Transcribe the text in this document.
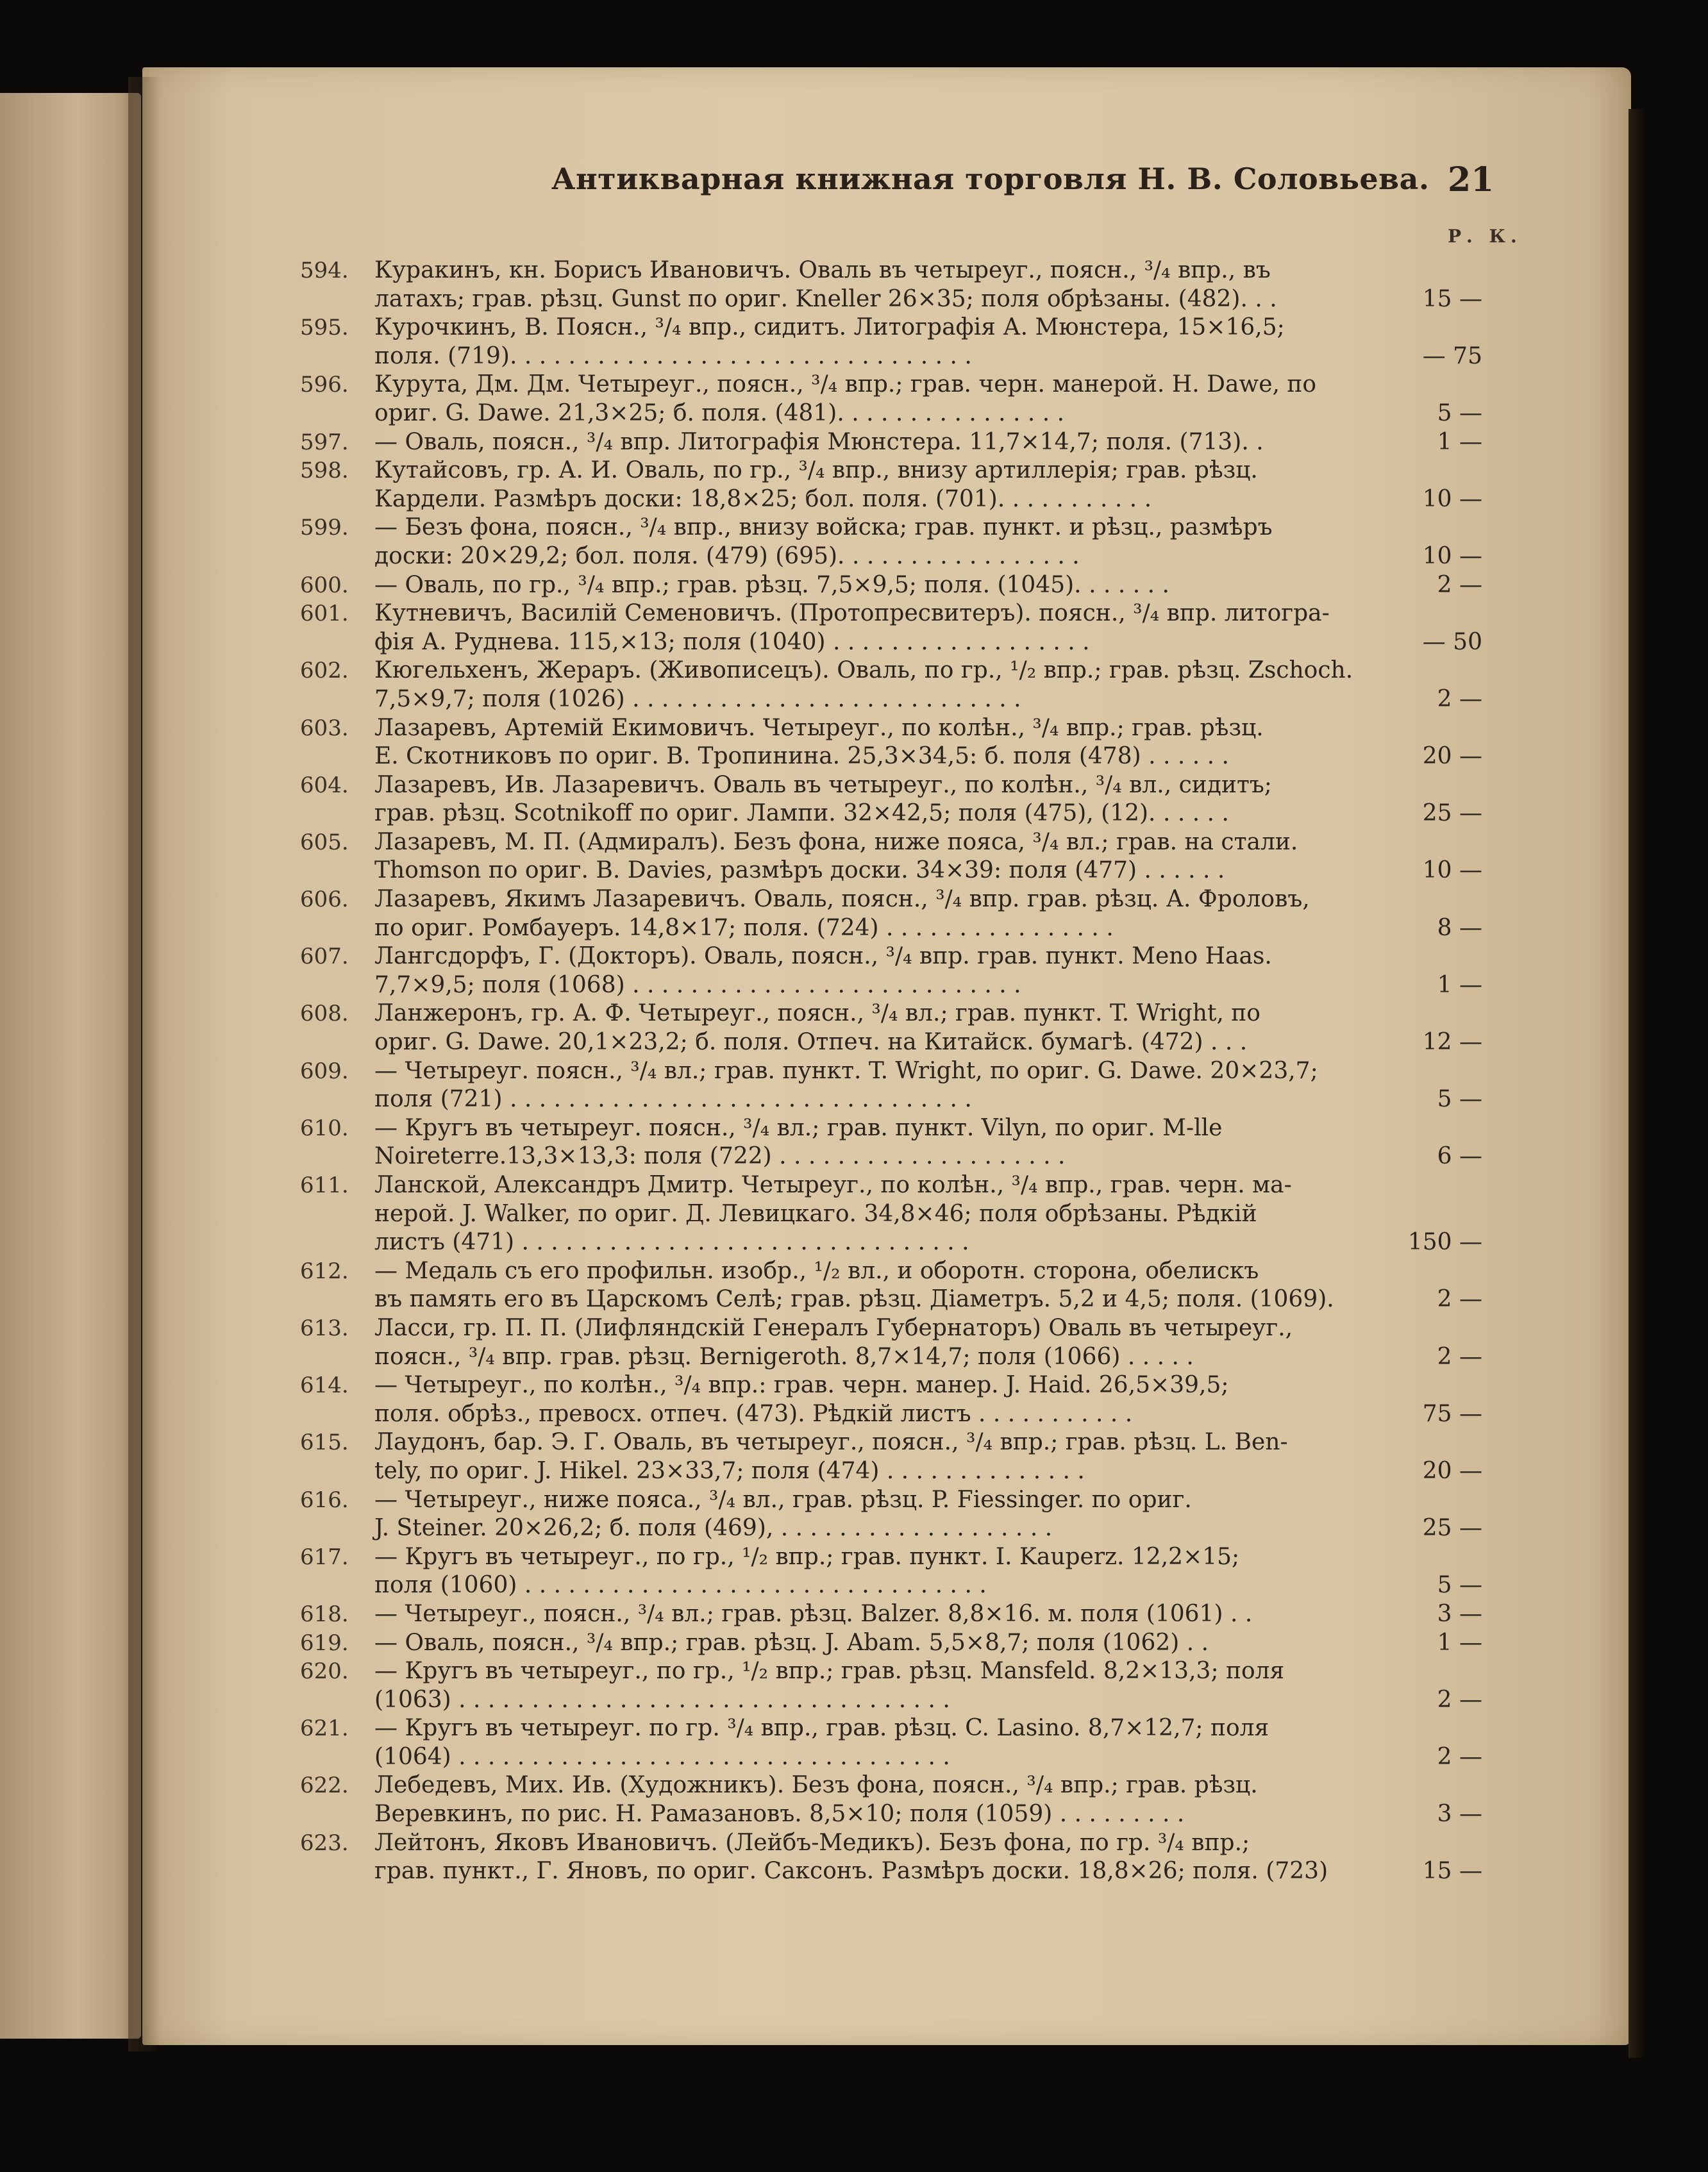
Антикварная книжная торговля Н. В. Соловьева. 21
Р. К.
594. Куракинъ, кн. Борисъ Ивановичъ. Оваль въ четыреуг., поясн., ³/₄ впр., въ
латахъ; грав. рѣзц. Gunst по ориг. Kneller 26×35; поля обрѣзаны. (482). . .	15 —
595. Курочкинъ, В. Поясн., ³/₄ впр., сидитъ. Литографія А. Мюнстера, 15×16,5;
поля. (719). . . . . . . . . . . . . . . . . . . . . . . . . . . . . . . .	— 75
596. Курута, Дм. Дм. Четыреуг., поясн., ³/₄ впр.; грав. черн. манерой. H. Dawe, по
ориг. G. Dawe. 21,3×25; б. поля. (481). . . . . . . . . . . . . . . .	5 —
597. — Оваль, поясн., ³/₄ впр. Литографія Мюнстера. 11,7×14,7; поля. (713). .	1 —
598. Кутайсовъ, гр. А. И. Оваль, по гр., ³/₄ впр., внизу артиллерія; грав. рѣзц.
Кардели. Размѣръ доски: 18,8×25; бол. поля. (701). . . . . . . . . . .	10 —
599. — Безъ фона, поясн., ³/₄ впр., внизу войска; грав. пункт. и рѣзц., размѣръ
доски: 20×29,2; бол. поля. (479) (695). . . . . . . . . . . . . . . . .	10 —
600. — Оваль, по гр., ³/₄ впр.; грав. рѣзц. 7,5×9,5; поля. (1045). . . . . . .	2 —
601. Кутневичъ, Василій Семеновичъ. (Протопресвитеръ). поясн., ³/₄ впр. литогра-
фія А. Руднева. 115,×13; поля (1040) . . . . . . . . . . . . . . . . . .	— 50
602. Кюгельхенъ, Жераръ. (Живописецъ). Оваль, по гр., ¹/₂ впр.; грав. рѣзц. Zschoch.
7,5×9,7; поля (1026) . . . . . . . . . . . . . . . . . . . . . . . . . . .	2 —
603. Лазаревъ, Артемій Екимовичъ. Четыреуг., по колѣн., ³/₄ впр.; грав. рѣзц.
Е. Скотниковъ по ориг. В. Тропинина. 25,3×34,5: б. поля (478) . . . . . .	20 —
604. Лазаревъ, Ив. Лазаревичъ. Оваль въ четыреуг., по колѣн., ³/₄ вл., сидитъ;
грав. рѣзц. Scotnikoff по ориг. Лампи. 32×42,5; поля (475), (12). . . . . .	25 —
605. Лазаревъ, М. П. (Адмиралъ). Безъ фона, ниже пояса, ³/₄ вл.; грав. на стали.
Thomson по ориг. B. Davies, размѣръ доски. 34×39: поля (477) . . . . . .	10 —
606. Лазаревъ, Якимъ Лазаревичъ. Оваль, поясн., ³/₄ впр. грав. рѣзц. А. Фроловъ,
по ориг. Ромбауеръ. 14,8×17; поля. (724) . . . . . . . . . . . . . . . .	8 —
607. Лангсдорфъ, Г. (Докторъ). Оваль, поясн., ³/₄ впр. грав. пункт. Meno Haas.
7,7×9,5; поля (1068) . . . . . . . . . . . . . . . . . . . . . . . . . . .	1 —
608. Ланжеронъ, гр. А. Ф. Четыреуг., поясн., ³/₄ вл.; грав. пункт. T. Wright, по
ориг. G. Dawe. 20,1×23,2; б. поля. Отпеч. на Китайск. бумагѣ. (472) . . .	12 —
609. — Четыреуг. поясн., ³/₄ вл.; грав. пункт. T. Wright, по ориг. G. Dawe. 20×23,7;
поля (721) . . . . . . . . . . . . . . . . . . . . . . . . . . . . . . . .	5 —
610. — Кругъ въ четыреуг. поясн., ³/₄ вл.; грав. пункт. Vilyn, по ориг. M-lle
Noireterre.13,3×13,3: поля (722) . . . . . . . . . . . . . . . . . . . .	6 —
611. Ланской, Александръ Дмитр. Четыреуг., по колѣн., ³/₄ впр., грав. черн. ма-
нерой. J. Walker, по ориг. Д. Левицкаго. 34,8×46; поля обрѣзаны. Рѣдкій
листъ (471) . . . . . . . . . . . . . . . . . . . . . . . . . . . . . . .	150 —
612. — Медаль съ его профильн. изобр., ¹/₂ вл., и оборотн. сторона, обелискъ
въ память его въ Царскомъ Селѣ; грав. рѣзц. Діаметръ. 5,2 и 4,5; поля. (1069).	2 —
613. Ласси, гр. П. П. (Лифляндскій Генералъ Губернаторъ) Оваль въ четыреуг.,
поясн., ³/₄ впр. грав. рѣзц. Bernigeroth. 8,7×14,7; поля (1066) . . . . .	2 —
614. — Четыреуг., по колѣн., ³/₄ впр.: грав. черн. манер. J. Haid. 26,5×39,5;
поля. обрѣз., превосх. отпеч. (473). Рѣдкій листъ . . . . . . . . . . .	75 —
615. Лаудонъ, бар. Э. Г. Оваль, въ четыреуг., поясн., ³/₄ впр.; грав. рѣзц. L. Ben-
tely, по ориг. J. Hikel. 23×33,7; поля (474) . . . . . . . . . . . . . .	20 —
616. — Четыреуг., ниже пояса., ³/₄ вл., грав. рѣзц. P. Fiessinger. по ориг.
J. Steiner. 20×26,2; б. поля (469), . . . . . . . . . . . . . . . . . . .	25 —
617. — Кругъ въ четыреуг., по гр., ¹/₂ впр.; грав. пункт. I. Kauperz. 12,2×15;
поля (1060) . . . . . . . . . . . . . . . . . . . . . . . . . . . . . . . .	5 —
618. — Четыреуг., поясн., ³/₄ вл.; грав. рѣзц. Balzer. 8,8×16. м. поля (1061) . .	3 —
619. — Оваль, поясн., ³/₄ впр.; грав. рѣзц. J. Abam. 5,5×8,7; поля (1062) . .	1 —
620. — Кругъ въ четыреуг., по гр., ¹/₂ впр.; грав. рѣзц. Mansfeld. 8,2×13,3; поля
(1063) . . . . . . . . . . . . . . . . . . . . . . . . . . . . . . . . . .	2 —
621. — Кругъ въ четыреуг. по гр. ³/₄ впр., грав. рѣзц. C. Lasino. 8,7×12,7; поля
(1064) . . . . . . . . . . . . . . . . . . . . . . . . . . . . . . . . . .	2 —
622. Лебедевъ, Мих. Ив. (Художникъ). Безъ фона, поясн., ³/₄ впр.; грав. рѣзц.
Веревкинъ, по рис. Н. Рамазановъ. 8,5×10; поля (1059) . . . . . . . . .	3 —
623. Лейтонъ, Яковъ Ивановичъ. (Лейбъ-Медикъ). Безъ фона, по гр. ³/₄ впр.;
грав. пункт., Г. Яновъ, по ориг. Саксонъ. Размѣръ доски. 18,8×26; поля. (723)	15 —
